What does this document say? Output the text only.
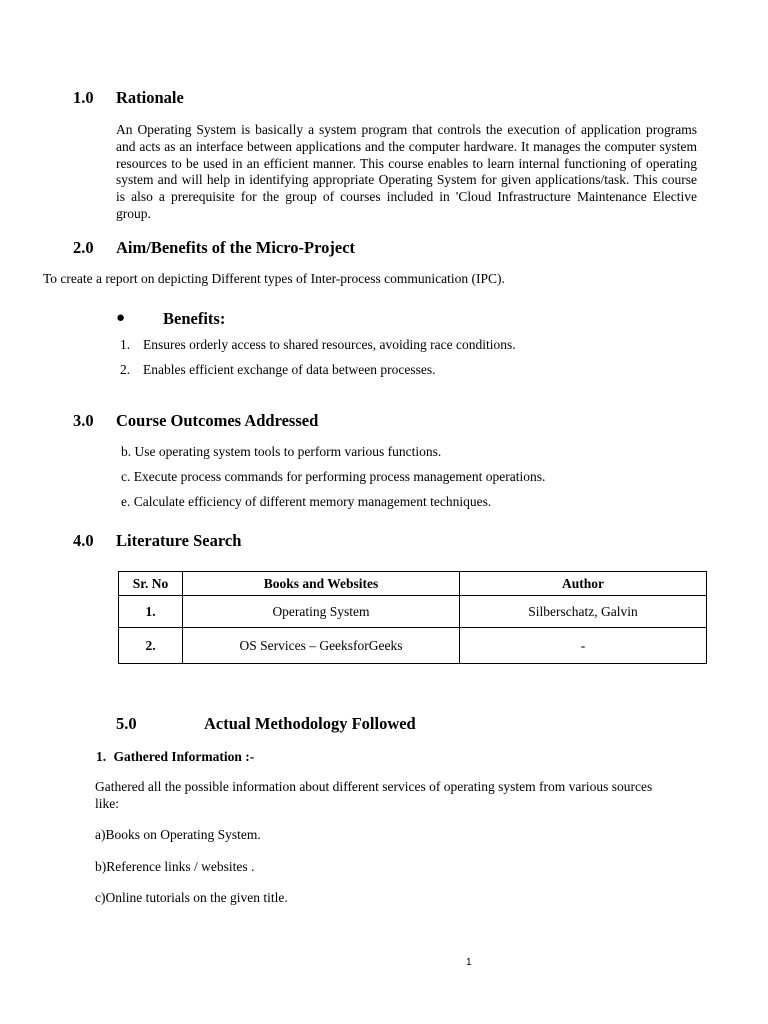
1.0 Rationale
An Operating System is basically a system program that controls the execution of application programs and acts as an interface between applications and the computer hardware. It manages the computer system resources to be used in an efficient manner. This course enables to learn internal functioning of operating system and will help in identifying appropriate Operating System for given applications/task. This course is also a prerequisite for the group of courses included in 'Cloud Infrastructure Maintenance Elective group.
2.0 Aim/Benefits of the Micro-Project
To create a report on depicting Different types of Inter-process communication (IPC).
● Benefits:
1. Ensures orderly access to shared resources, avoiding race conditions.
2. Enables efficient exchange of data between processes.
3.0 Course Outcomes Addressed
b. Use operating system tools to perform various functions.
c. Execute process commands for performing process management operations.
e. Calculate efficiency of different memory management techniques.
4.0 Literature Search
Sr. No	Books and Websites	Author
1.	Operating System	Silberschatz, Galvin
2.	OS Services – GeeksforGeeks	-
5.0	Actual Methodology Followed
1. Gathered Information :-
Gathered all the possible information about different services of operating system from various sources like:
a)Books on Operating System.
b)Reference links / websites .
c)Online tutorials on the given title.
1
